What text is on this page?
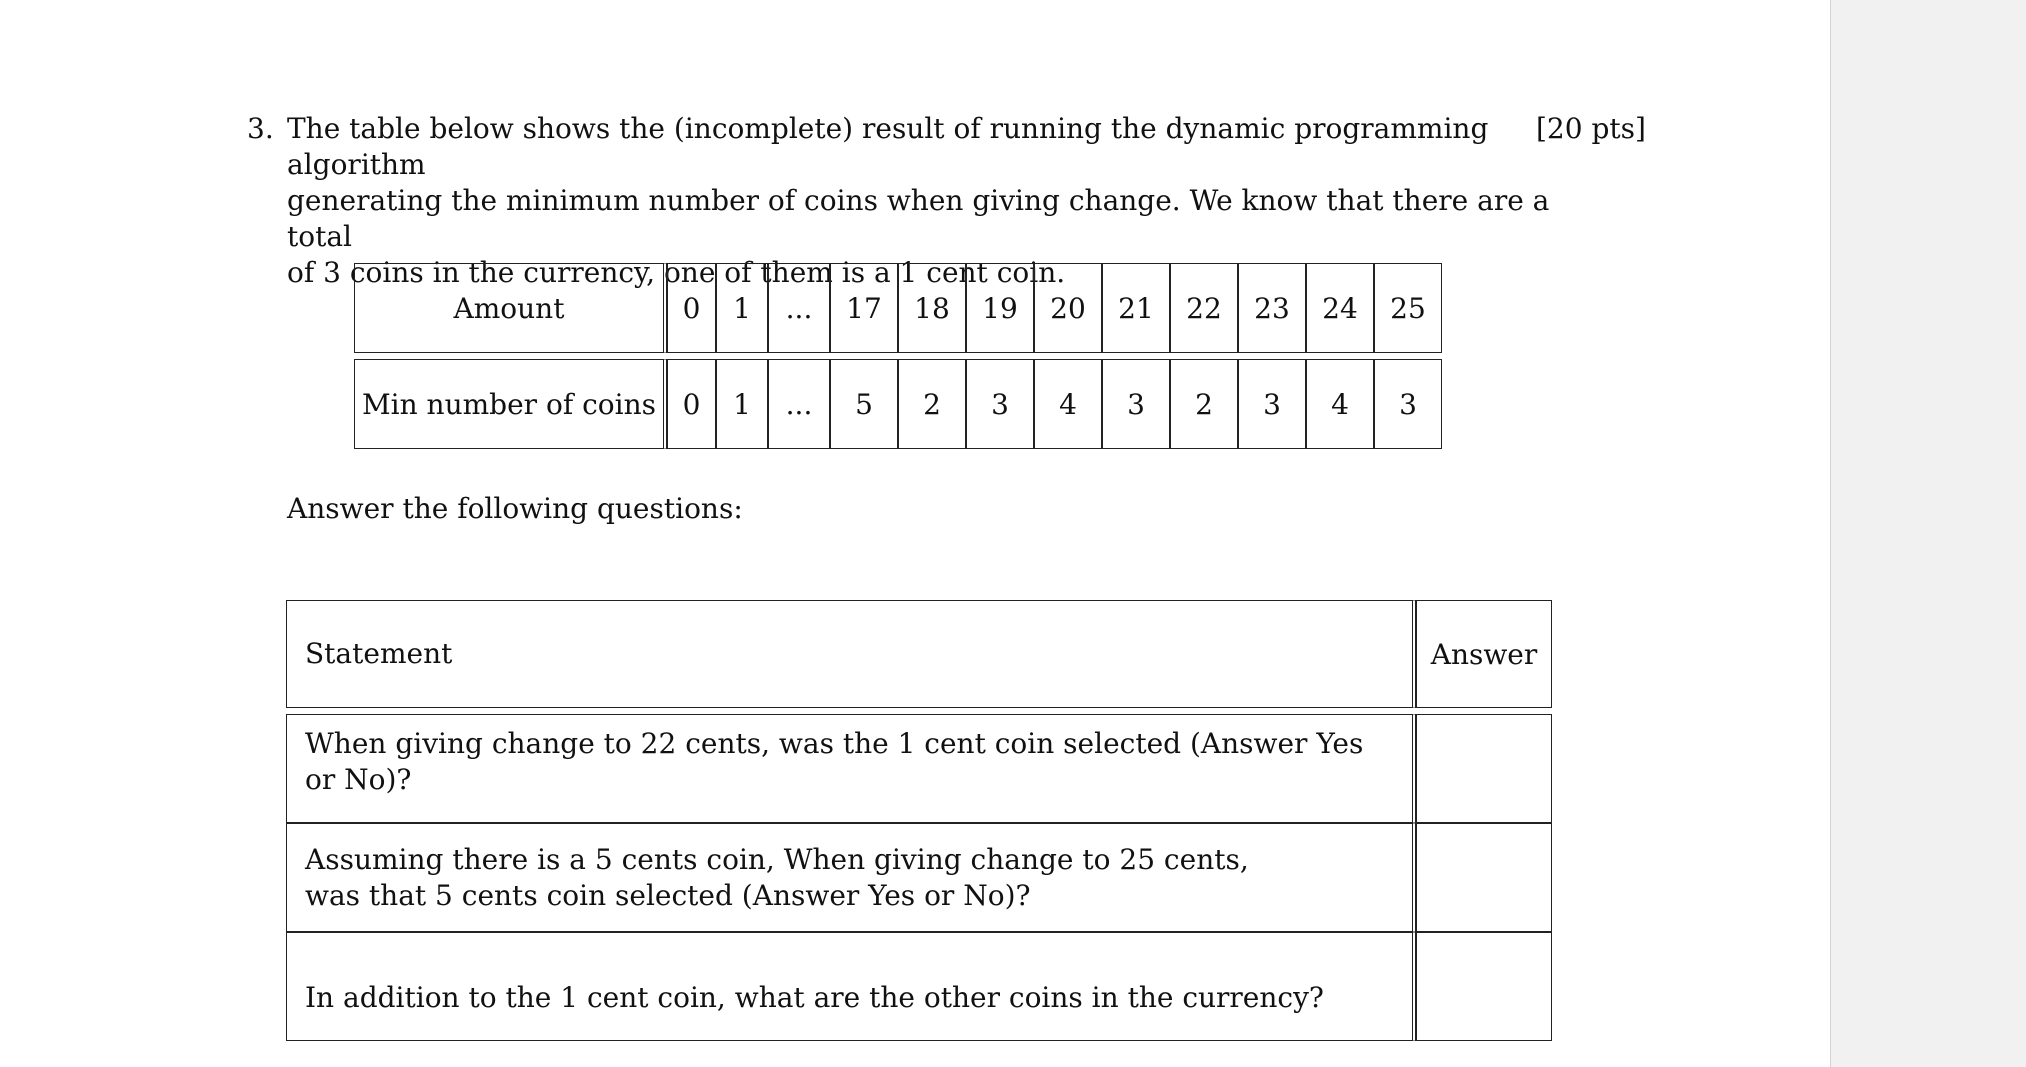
3. The table below shows the (incomplete) result of running the dynamic programming algorithm
generating the minimum number of coins when giving change. We know that there are a total
of 3 coins in the currency, one of them is a 1 cent coin.
[20 pts]
Amount	0	1	...	17	18	19	20	21	22	23	24	25

Min number of coins	0	1	...	5	2	3	4	3	2	3	4	3
Answer the following questions:
Statement	Answer

When giving change to 22 cents, was the 1 cent coin selected (Answer Yes or No)?	
Assuming there is a 5 cents coin, When giving change to 25 cents,
was that 5 cents coin selected (Answer Yes or No)?	
In addition to the 1 cent coin, what are the other coins in the currency?	
